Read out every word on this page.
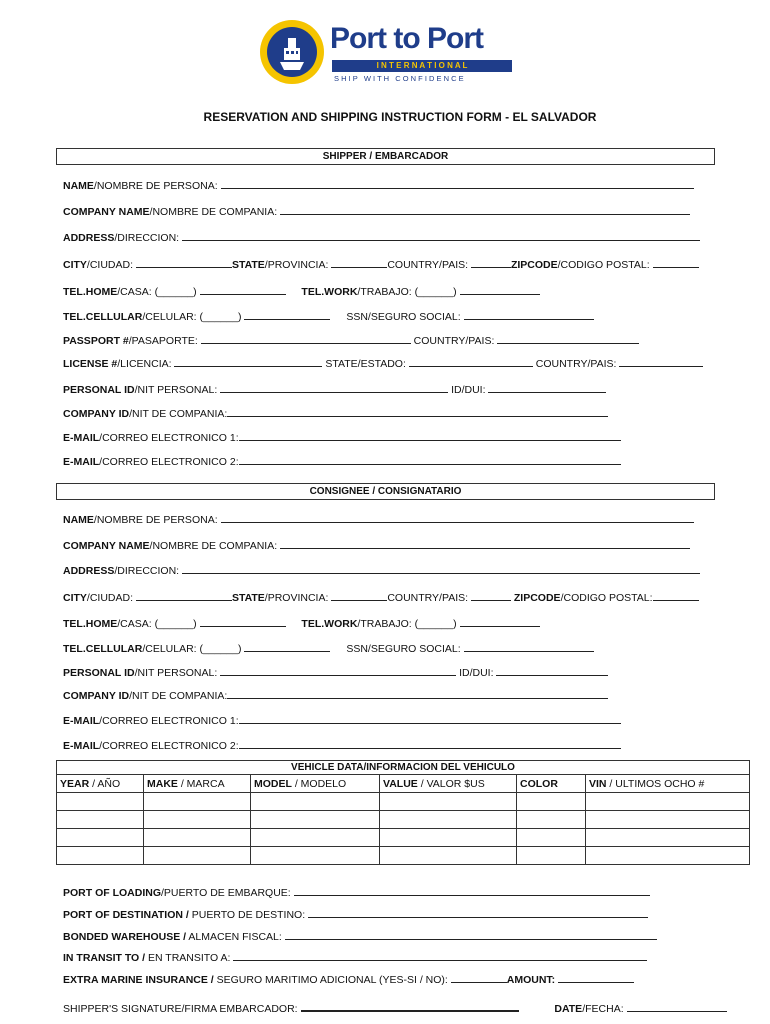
Port to Port
I N T E R N A T I O N A L
S H I P   W I T H   C O N F I D E N C E
RESERVATION AND SHIPPING INSTRUCTION FORM - EL SALVADOR
SHIPPER / EMBARCADOR
NAME/NOMBRE DE PERSONA:
COMPANY NAME/NOMBRE DE COMPANIA:
ADDRESS/DIRECCION:
CITY/CIUDAD:	STATE/PROVINCIA:	COUNTRY/PAIS:	ZIPCODE/CODIGO POSTAL:
TEL.HOME/CASA: (______)	TEL.WORK/TRABAJO: (______)
TEL.CELLULAR/CELULAR: (______)	SSN/SEGURO SOCIAL:
PASSPORT #/PASAPORTE:	COUNTRY/PAIS:
LICENSE #/LICENCIA:	STATE/ESTADO:	COUNTRY/PAIS:
PERSONAL ID/NIT PERSONAL:	ID/DUI:
COMPANY ID/NIT DE COMPANIA:
E-MAIL/CORREO ELECTRONICO 1:
E-MAIL/CORREO ELECTRONICO 2:
CONSIGNEE / CONSIGNATARIO
NAME/NOMBRE DE PERSONA:
COMPANY NAME/NOMBRE DE COMPANIA:
ADDRESS/DIRECCION:
CITY/CIUDAD:	STATE/PROVINCIA:	COUNTRY/PAIS:	ZIPCODE/CODIGO POSTAL:
TEL.HOME/CASA: (______)	TEL.WORK/TRABAJO: (______)
TEL.CELLULAR/CELULAR: (______)	SSN/SEGURO SOCIAL:
PERSONAL ID/NIT PERSONAL:	ID/DUI:
COMPANY ID/NIT DE COMPANIA:
E-MAIL/CORREO ELECTRONICO 1:
E-MAIL/CORREO ELECTRONICO 2:
VEHICLE DATA/INFORMACION DEL VEHICULO					
YEAR / AÑO	MAKE / MARCA	MODEL / MODELO	VALUE / VALOR $US	COLOR	VIN / ULTIMOS OCHO #

PORT OF LOADING/PUERTO DE EMBARQUE:
PORT OF DESTINATION / PUERTO DE DESTINO:
BONDED WAREHOUSE / ALMACEN FISCAL:
IN TRANSIT TO / EN TRANSITO A:
EXTRA MARINE INSURANCE / SEGURO MARITIMO ADICIONAL (YES-SI / NO):	AMOUNT:
SHIPPER'S SIGNATURE/FIRMA EMBARCADOR:	DATE/FECHA:
